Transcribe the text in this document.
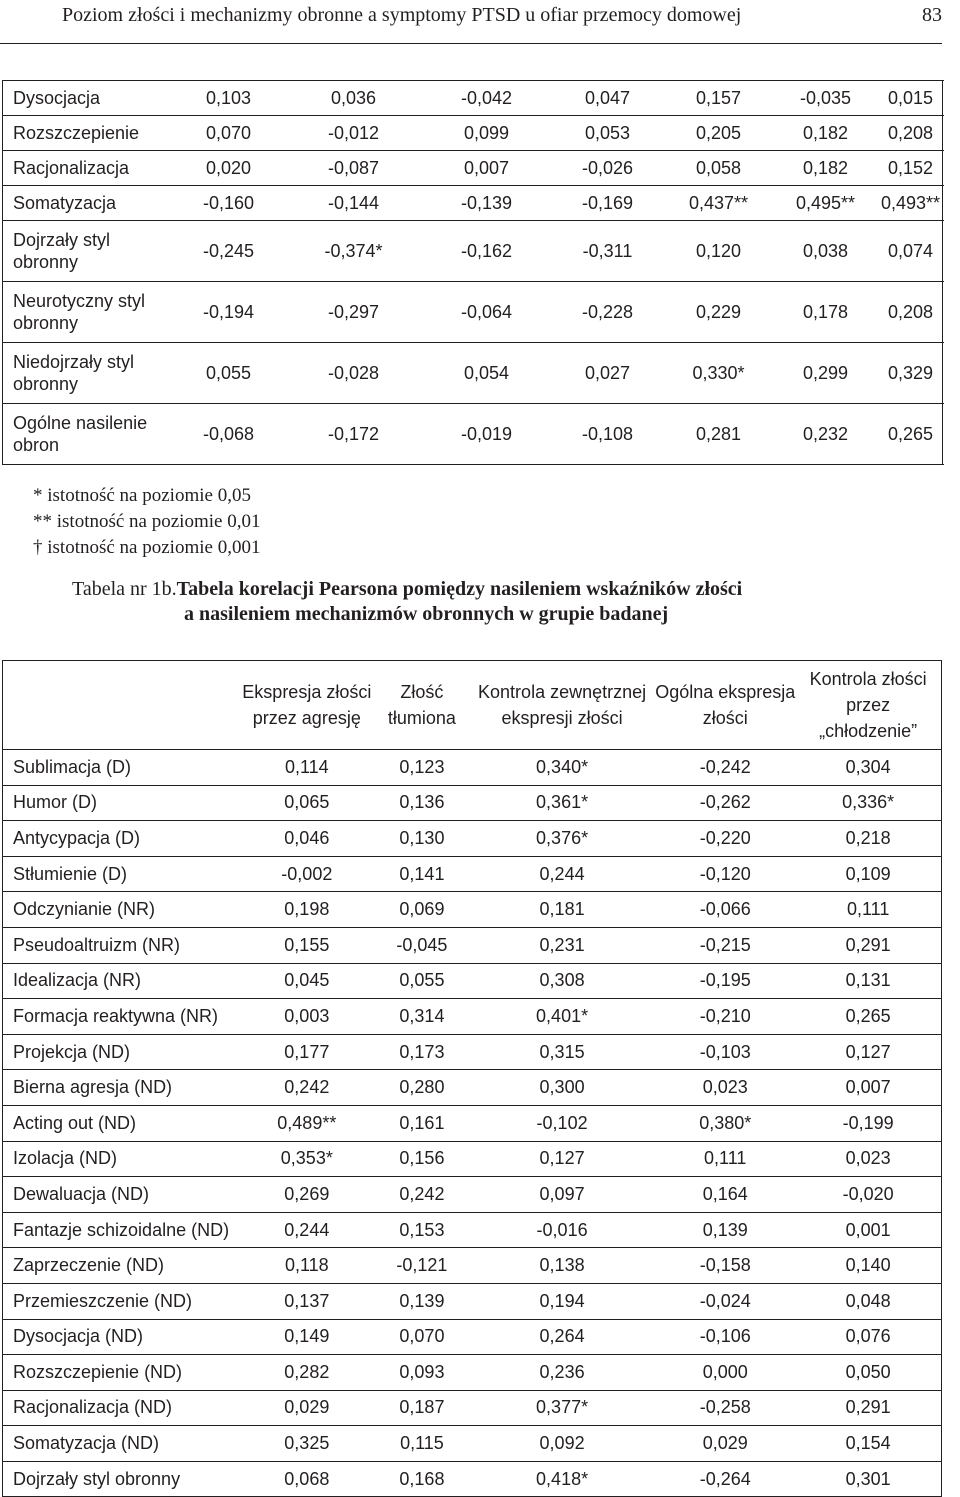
Poziom złości i mechanizmy obronne a symptomy PTSD u ofiar przemocy domowej	83
Dysocjacja	0,103	0,036	-0,042	0,047	0,157	-0,035	0,015	
Rozszczepienie	0,070	-0,012	0,099	0,053	0,205	0,182	0,208	
Racjonalizacja	0,020	-0,087	0,007	-0,026	0,058	0,182	0,152	
Somatyzacja	-0,160	-0,144	-0,139	-0,169	0,437**	0,495**	0,493**	
Dojrzały styl obronny	-0,245	-0,374*	-0,162	-0,311	0,120	0,038	0,074	
Neurotyczny styl obronny	-0,194	-0,297	-0,064	-0,228	0,229	0,178	0,208	
Niedojrzały styl obronny	0,055	-0,028	0,054	0,027	0,330*	0,299	0,329	
Ogólne nasilenie obron	-0,068	-0,172	-0,019	-0,108	0,281	0,232	0,265	
* istotność na poziomie 0,05
** istotność na poziomie 0,01
† istotność na poziomie 0,001
Tabela nr 1b.Tabela korelacji Pearsona pomiędzy nasileniem wskaźników złości
a nasileniem mechanizmów obronnych w grupie badanej
	Ekspresja złości przez agresję	Złość tłumiona	Kontrola zewnętrznej ekspresji złości	Ogólna ekspresja złości	Kontrola złości przez „chłodzenie”
Sublimacja (D)	0,114	0,123	0,340*	-0,242	0,304
Humor (D)	0,065	0,136	0,361*	-0,262	0,336*
Antycypacja (D)	0,046	0,130	0,376*	-0,220	0,218
Stłumienie (D)	-0,002	0,141	0,244	-0,120	0,109
Odczynianie (NR)	0,198	0,069	0,181	-0,066	0,111
Pseudoaltruizm (NR)	0,155	-0,045	0,231	-0,215	0,291
Idealizacja (NR)	0,045	0,055	0,308	-0,195	0,131
Formacja reaktywna (NR)	0,003	0,314	0,401*	-0,210	0,265
Projekcja (ND)	0,177	0,173	0,315	-0,103	0,127
Bierna agresja (ND)	0,242	0,280	0,300	0,023	0,007
Acting out (ND)	0,489**	0,161	-0,102	0,380*	-0,199
Izolacja (ND)	0,353*	0,156	0,127	0,111	0,023
Dewaluacja (ND)	0,269	0,242	0,097	0,164	-0,020
Fantazje schizoidalne (ND)	0,244	0,153	-0,016	0,139	0,001
Zaprzeczenie (ND)	0,118	-0,121	0,138	-0,158	0,140
Przemieszczenie (ND)	0,137	0,139	0,194	-0,024	0,048
Dysocjacja (ND)	0,149	0,070	0,264	-0,106	0,076
Rozszczepienie (ND)	0,282	0,093	0,236	0,000	0,050
Racjonalizacja (ND)	0,029	0,187	0,377*	-0,258	0,291
Somatyzacja (ND)	0,325	0,115	0,092	0,029	0,154
Dojrzały styl obronny	0,068	0,168	0,418*	-0,264	0,301
